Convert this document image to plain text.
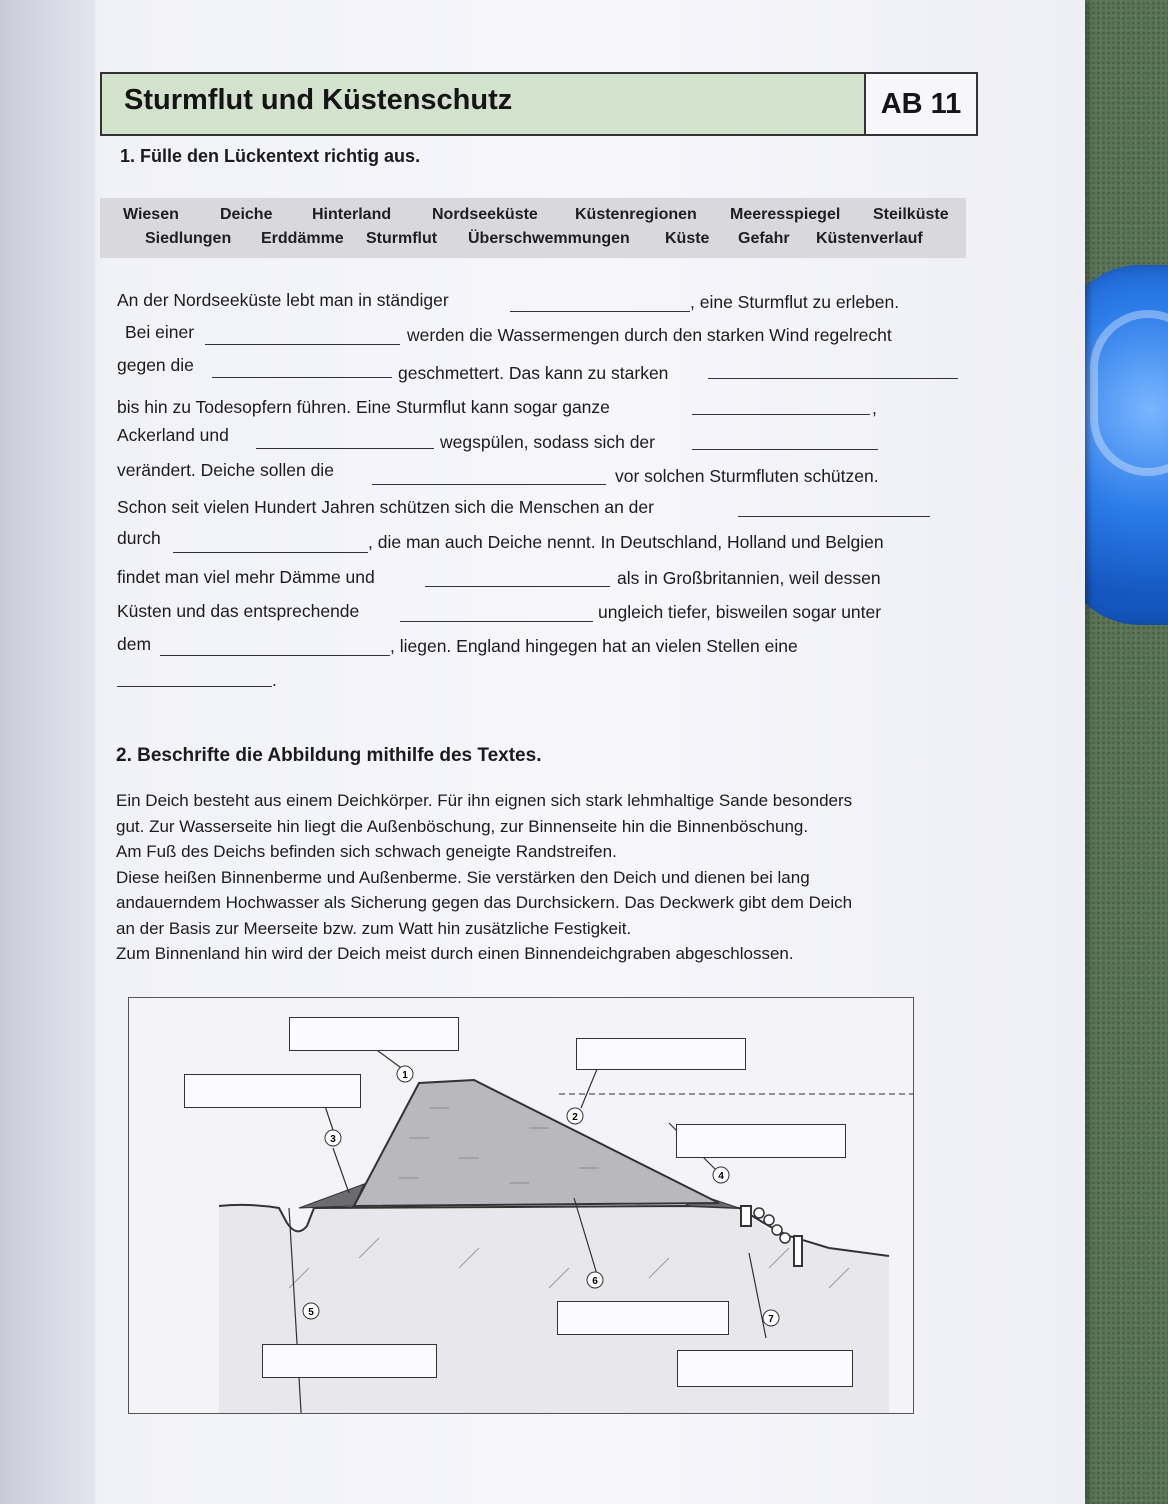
Sturmflut und Küstenschutz	AB 11
1. Fülle den Lückentext richtig aus.
Wiesen	Deiche Hinterland	Nordseeküste Küstenregionen Meeresspiegel Steilküste
Siedlungen Erddämme Sturmflut Überschwemmungen Küste Gefahr Küstenverlauf
An der Nordseeküste lebt man in ständiger	, eine Sturmflut zu erleben.
Bei einer	werden die Wassermengen durch den starken Wind regelrecht
gegen die	geschmettert. Das kann zu starken
bis hin zu Todesopfern führen. Eine Sturmflut kann sogar ganze	,
Ackerland und	wegspülen, sodass sich der
verändert. Deiche sollen die	vor solchen Sturmfluten schützen.
Schon seit vielen Hundert Jahren schützen sich die Menschen an der
durch	, die man auch Deiche nennt. In Deutschland, Holland und Belgien
findet man viel mehr Dämme und	als in Großbritannien, weil dessen
Küsten und das entsprechende	ungleich tiefer, bisweilen sogar unter
dem	, liegen. England hingegen hat an vielen Stellen eine
.
2. Beschrifte die Abbildung mithilfe des Textes.

Ein Deich besteht aus einem Deichkörper. Für ihn eignen sich stark lehmhaltige Sande besonders

gut. Zur Wasserseite hin liegt die Außenböschung, zur Binnenseite hin die Binnenböschung.

Am Fuß des Deichs befinden sich schwach geneigte Randstreifen.

Diese heißen Binnenberme und Außenberme. Sie verstärken den Deich und dienen bei lang

andauerndem Hochwasser als Sicherung gegen das Durchsickern. Das Deckwerk gibt dem Deich

an der Basis zur Meerseite bzw. zum Watt hin zusätzliche Festigkeit.

Zum Binnenland hin wird der Deich meist durch einen Binnendeichgraben abgeschlossen.

1
2
3
4
5
6
7
